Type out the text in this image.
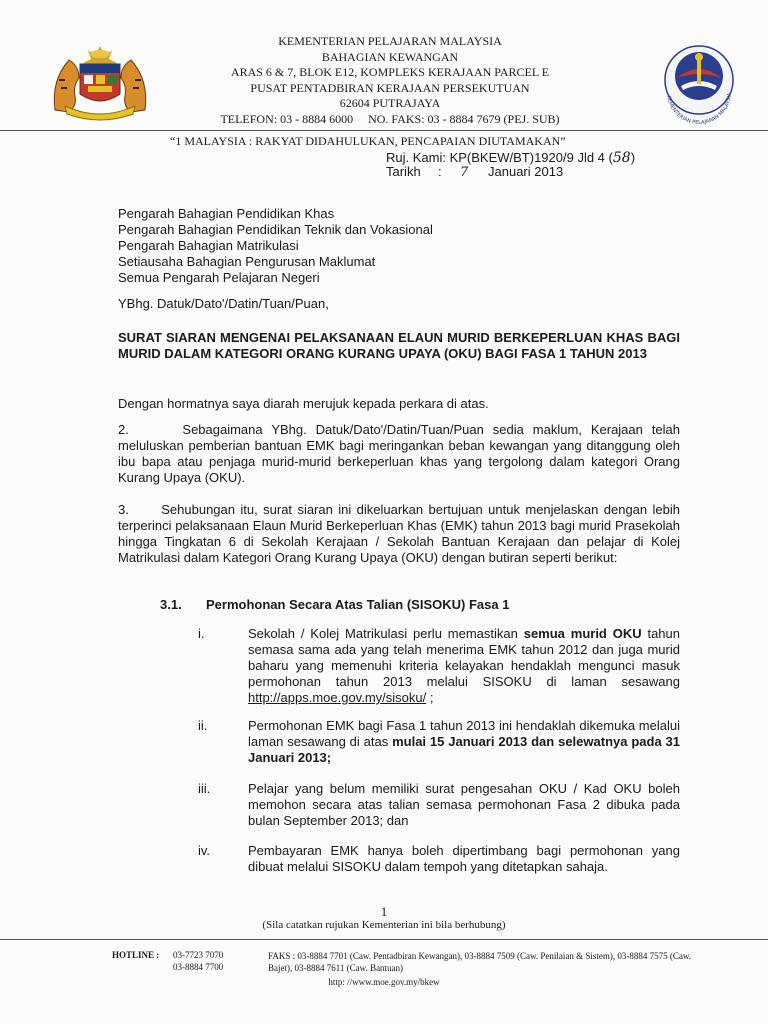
KEMENTERIAN PELAJARAN MALAYSIA
BAHAGIAN KEWANGAN
ARAS 6 & 7, BLOK E12, KOMPLEKS KERAJAAN PARCEL E
PUSAT PENTADBIRAN KERAJAAN PERSEKUTUAN
62604 PUTRAJAYA
TELEFON: 03 - 8884 6000     NO. FAKS: 03 - 8884 7679 (PEJ. SUB)
KEMENTERIAN PELAJARAN MALAYSIA
“1 MALAYSIA : RAKYAT DIDAHULUKAN, PENCAPAIAN DIUTAMAKAN”
Ruj. Kami: KP(BKEW/BT)1920/9 Jld 4 (58)
Tarikh : 7 Januari 2013
Pengarah Bahagian Pendidikan Khas
Pengarah Bahagian Pendidikan Teknik dan Vokasional
Pengarah Bahagian Matrikulasi
Setiausaha Bahagian Pengurusan Maklumat
Semua Pengarah Pelajaran Negeri
YBhg. Datuk/Dato'/Datin/Tuan/Puan,
SURAT SIARAN MENGENAI PELAKSANAAN ELAUN MURID BERKEPERLUAN KHAS BAGI MURID DALAM KATEGORI ORANG KURANG UPAYA (OKU) BAGI FASA 1 TAHUN 2013
Dengan hormatnya saya diarah merujuk kepada perkara di atas.
2.      Sebagaimana YBhg. Datuk/Dato'/Datin/Tuan/Puan sedia maklum, Kerajaan telah meluluskan pemberian bantuan EMK bagi meringankan beban kewangan yang ditanggung oleh ibu bapa atau penjaga murid-murid berkeperluan khas yang tergolong dalam kategori Orang Kurang Upaya (OKU).
3.      Sehubungan itu, surat siaran ini dikeluarkan bertujuan untuk menjelaskan dengan lebih terperinci pelaksanaan Elaun Murid Berkeperluan Khas (EMK) tahun 2013 bagi murid Prasekolah hingga Tingkatan 6 di Sekolah Kerajaan / Sekolah Bantuan Kerajaan dan pelajar di Kolej Matrikulasi dalam Kategori Orang Kurang Upaya (OKU) dengan butiran seperti berikut:
3.1. Permohonan Secara Atas Talian (SISOKU) Fasa 1
i.	Sekolah / Kolej Matrikulasi perlu memastikan semua murid OKU tahun semasa sama ada yang telah menerima EMK tahun 2012 dan juga murid baharu yang memenuhi kriteria kelayakan hendaklah mengunci masuk permohonan tahun 2013 melalui SISOKU di laman sesawang http://apps.moe.gov.my/sisoku/ ;
ii.	Permohonan EMK bagi Fasa 1 tahun 2013 ini hendaklah dikemuka melalui laman sesawang di atas mulai 15 Januari 2013 dan selewatnya pada 31 Januari 2013;
iii.	Pelajar yang belum memiliki surat pengesahan OKU / Kad OKU boleh memohon secara atas talian semasa permohonan Fasa 2 dibuka pada bulan September 2013; dan
iv.	Pembayaran EMK hanya boleh dipertimbang bagi permohonan yang dibuat melalui SISOKU dalam tempoh yang ditetapkan sahaja.
1
(Sila catatkan rujukan Kementerian ini bila berhubung)
HOTLINE : 03-7723 7070
03-8884 7700
FAKS : 03-8884 7701 (Caw. Pentadbiran Kewangan), 03-8884 7509 (Caw. Penilaian & Sistem), 03-8884 7575 (Caw. Bajet), 03-8884 7611 (Caw. Bantuan)
http: //www.moe.gov.my/bkew
